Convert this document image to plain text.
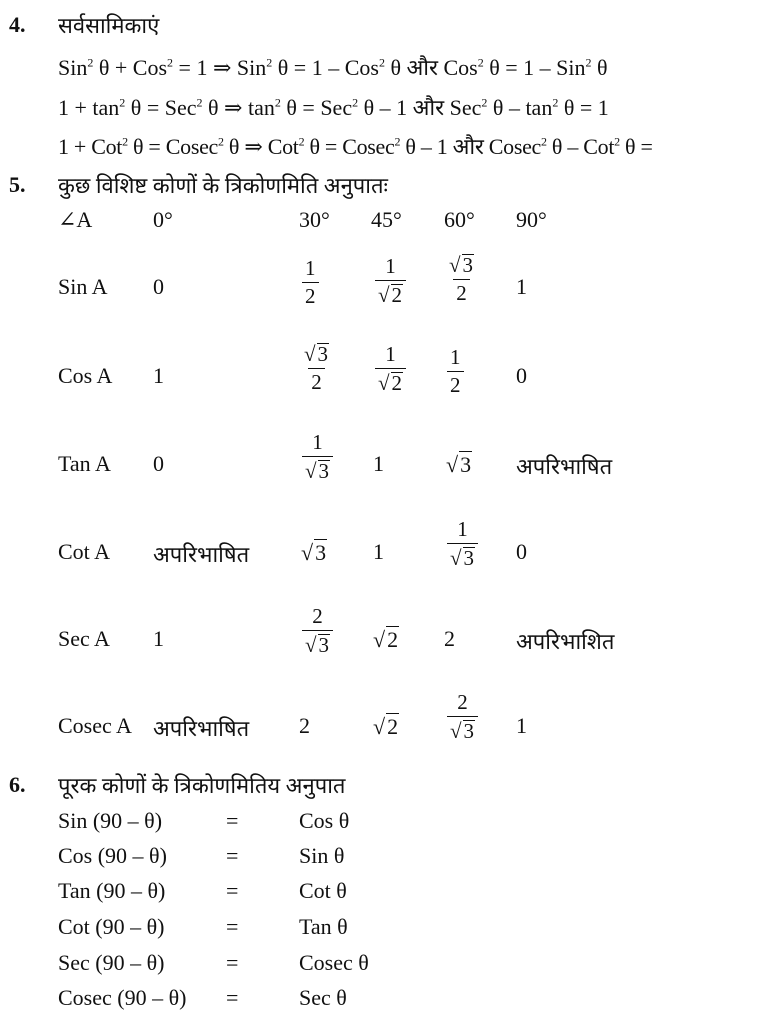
4. सर्वसामिकाएं
Sin$^2$ θ + Cos$^2$ = 1 ⇒ Sin$^2$ θ = 1 – Cos$^2$ θ और Cos$^2$ θ = 1 – Sin$^2$ θ
$1 + \tan^2 \theta = Sec^2$ θ ⇒ $\tan^2 \theta = Sec^2$ θ – 1 और Sec$^2$ $\theta - \tan^2 \theta = 1$
1 + Cot$^2$ θ = Cosec$^2$ θ ⇒ Cot$^2$ θ = Cosec$^2$ θ – 1 और Cosec$^2$ θ – Cot$^2$ θ =
5. कुछ विशिष्ट कोणों के त्रिकोणमिति अनुपातः
∠A	0°	30° 45° 60° 90°
Sin A 0	$\frac{1}{2}$	$\frac{1}{√2} \frac{√3}{2} 1$
Cos A 1	$\frac{√3}{2} \frac{1}{√2} \frac{1}{2} 0$
Tan A 0	$\frac{1}{√3} 1$	√3 अपरिभाषित
Cot A अपरिभाषित √3 1	$\frac{1}{√3} 0$
Sec A 1	$\frac{2}{√3} √2$ 2	अपरिभाशित
Cosec A अपरिभाषित 2	$√2 \frac{2}{√3} 1$
6. पूरक कोणों के त्रिकोणमितिय अनुपात
Sin (90 – θ)	=	Cos θ
Cos (90 – θ)	=	Sin θ
Tan (90 – θ)	=	Cot θ
Cot (90 – θ)	=	Tan θ
Sec (90 – θ)	=	Cosec θ
Cosec (90 – θ) =	Sec θ
